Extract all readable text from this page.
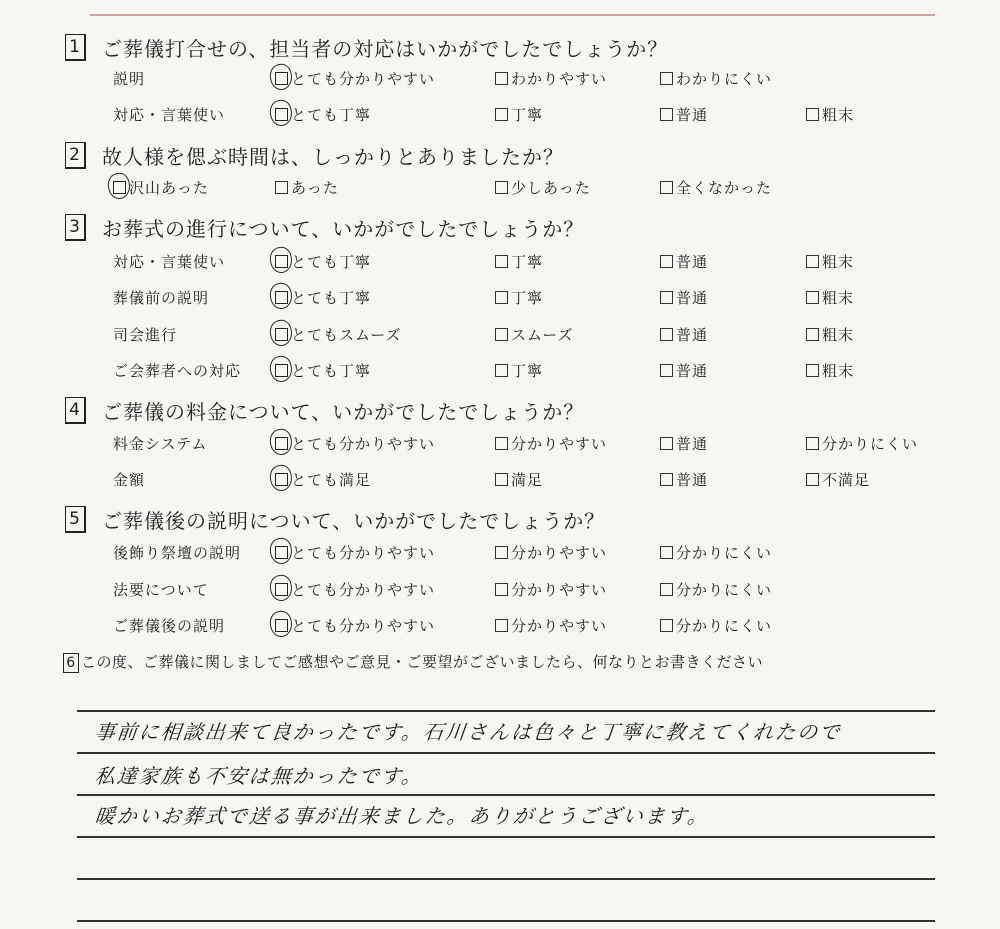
1 ご葬儀打合せの、担当者の対応はいかがでしたでしょうか？
説明	とても分かりやすい	わかりやすい	わかりにくい
対応・言葉使い	とても丁寧	丁寧	普通	粗末
2 故人様を偲ぶ時間は、しっかりとありましたか？
沢山あった	あった	少しあった	全くなかった
3 お葬式の進行について、いかがでしたでしょうか？
対応・言葉使い	とても丁寧	丁寧	普通	粗末
葬儀前の説明	とても丁寧	丁寧	普通	粗末
司会進行	とてもスムーズ	スムーズ	普通	粗末
ご会葬者への対応	とても丁寧	丁寧	普通	粗末
4 ご葬儀の料金について、いかがでしたでしょうか？
料金システム	とても分かりやすい	分かりやすい	普通	分かりにくい
金額	とても満足	満足	普通	不満足
5 ご葬儀後の説明について、いかがでしたでしょうか？
後飾り祭壇の説明	とても分かりやすい	分かりやすい	分かりにくい
法要について	とても分かりやすい	分かりやすい	分かりにくい
ご葬儀後の説明	とても分かりやすい	分かりやすい	分かりにくい
6 この度、ご葬儀に関しましてご感想やご意見・ご要望がございましたら、何なりとお書きください
事前に相談出来て良かったです。石川さんは色々と丁寧に教えてくれたので
私達家族も不安は無かったです。
暖かいお葬式で送る事が出来ました。ありがとうございます。
